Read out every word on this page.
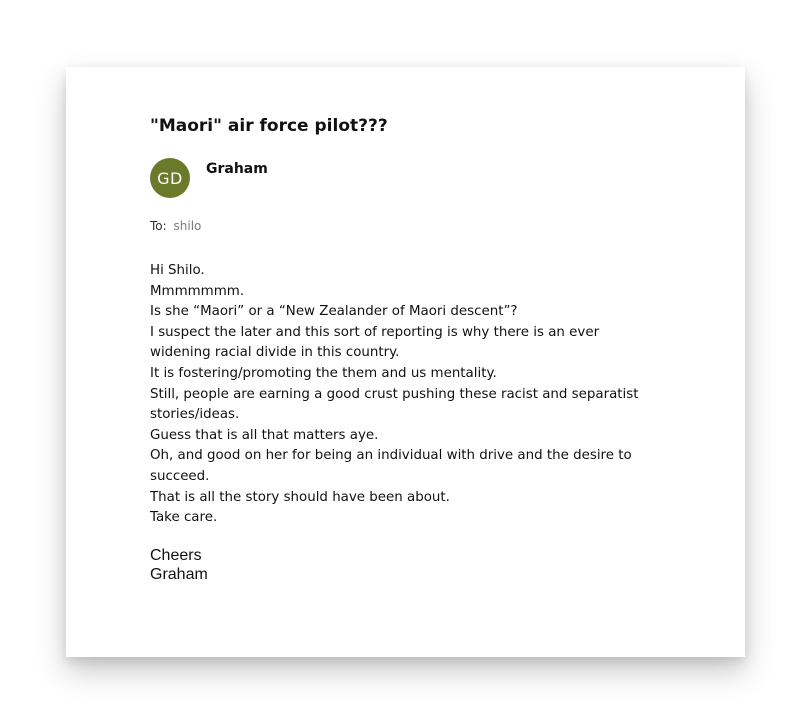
"Maori" air force pilot???
GD Graham
To: shilo
Hi Shilo.
Mmmmmmm.
Is she “Maori” or a “New Zealander of Maori descent”?
I suspect the later and this sort of reporting is why there is an ever
widening racial divide in this country.
It is fostering/promoting the them and us mentality.
Still, people are earning a good crust pushing these racist and separatist
stories/ideas.
Guess that is all that matters aye.
Oh, and good on her for being an individual with drive and the desire to
succeed.
That is all the story should have been about.
Take care.
Cheers
Graham
